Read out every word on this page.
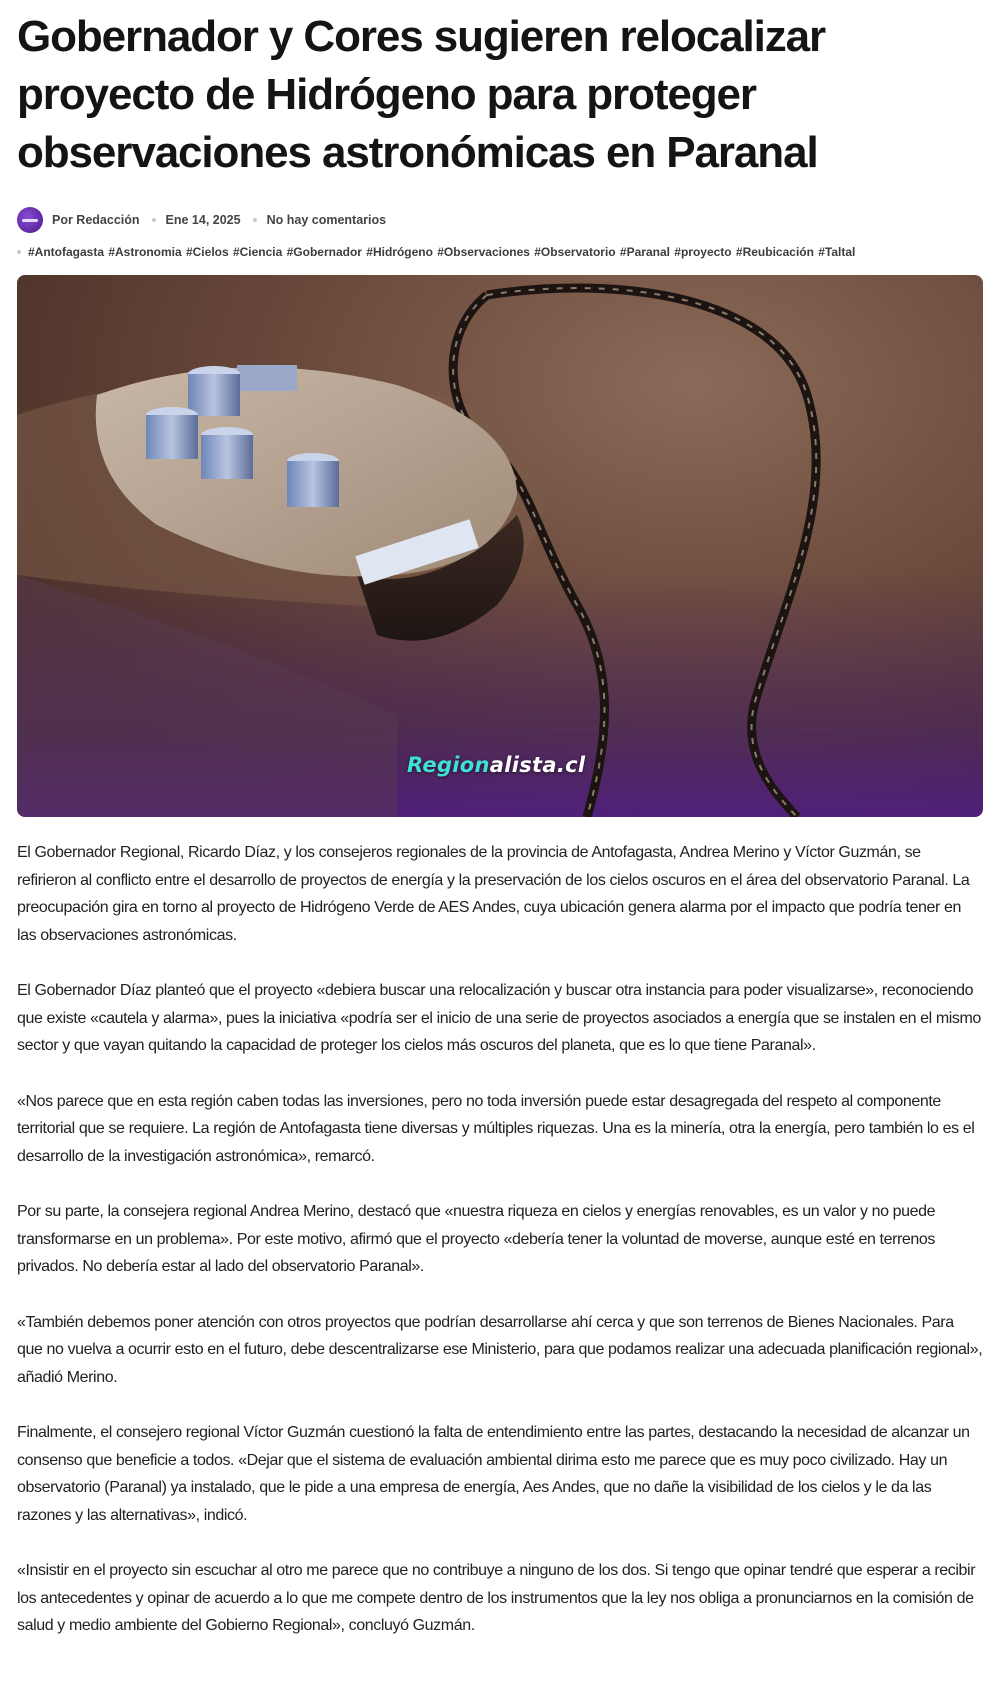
Gobernador y Cores sugieren relocalizar proyecto de Hidrógeno para proteger observaciones astronómicas en Paranal
Por Redacción Ene 14, 2025 No hay comentarios
#Antofagasta #Astronomia #Cielos #Ciencia #Gobernador #Hidrógeno #Observaciones #Observatorio #Paranal #proyecto #Reubicación #Taltal
Regionalista.cl

El Gobernador Regional, Ricardo Díaz, y los consejeros regionales de la provincia de Antofagasta, Andrea Merino y Víctor Guzmán, se refirieron al conflicto entre el desarrollo de proyectos de energía y la preservación de los cielos oscuros en el área del observatorio Paranal. La preocupación gira en torno al proyecto de Hidrógeno Verde de AES Andes, cuya ubicación genera alarma por el impacto que podría tener en las observaciones astronómicas.

El Gobernador Díaz planteó que el proyecto «debiera buscar una relocalización y buscar otra instancia para poder visualizarse», reconociendo que existe «cautela y alarma», pues la iniciativa «podría ser el inicio de una serie de proyectos asociados a energía que se instalen en el mismo sector y que vayan quitando la capacidad de proteger los cielos más oscuros del planeta, que es lo que tiene Paranal».

«Nos parece que en esta región caben todas las inversiones, pero no toda inversión puede estar desagregada del respeto al componente territorial que se requiere. La región de Antofagasta tiene diversas y múltiples riquezas. Una es la minería, otra la energía, pero también lo es el desarrollo de la investigación astronómica», remarcó.

Por su parte, la consejera regional Andrea Merino, destacó que «nuestra riqueza en cielos y energías renovables, es un valor y no puede transformarse en un problema». Por este motivo, afirmó que el proyecto «debería tener la voluntad de moverse, aunque esté en terrenos privados. No debería estar al lado del observatorio Paranal».

«También debemos poner atención con otros proyectos que podrían desarrollarse ahí cerca y que son terrenos de Bienes Nacionales. Para que no vuelva a ocurrir esto en el futuro, debe descentralizarse ese Ministerio, para que podamos realizar una adecuada planificación regional», añadió Merino.

Finalmente, el consejero regional Víctor Guzmán cuestionó la falta de entendimiento entre las partes, destacando la necesidad de alcanzar un consenso que beneficie a todos. «Dejar que el sistema de evaluación ambiental dirima esto me parece que es muy poco civilizado. Hay un observatorio (Paranal) ya instalado, que le pide a una empresa de energía, Aes Andes, que no dañe la visibilidad de los cielos y le da las razones y las alternativas», indicó.

«Insistir en el proyecto sin escuchar al otro me parece que no contribuye a ninguno de los dos. Si tengo que opinar tendré que esperar a recibir los antecedentes y opinar de acuerdo a lo que me compete dentro de los instrumentos que la ley nos obliga a pronunciarnos en la comisión de salud y medio ambiente del Gobierno Regional», concluyó Guzmán.
